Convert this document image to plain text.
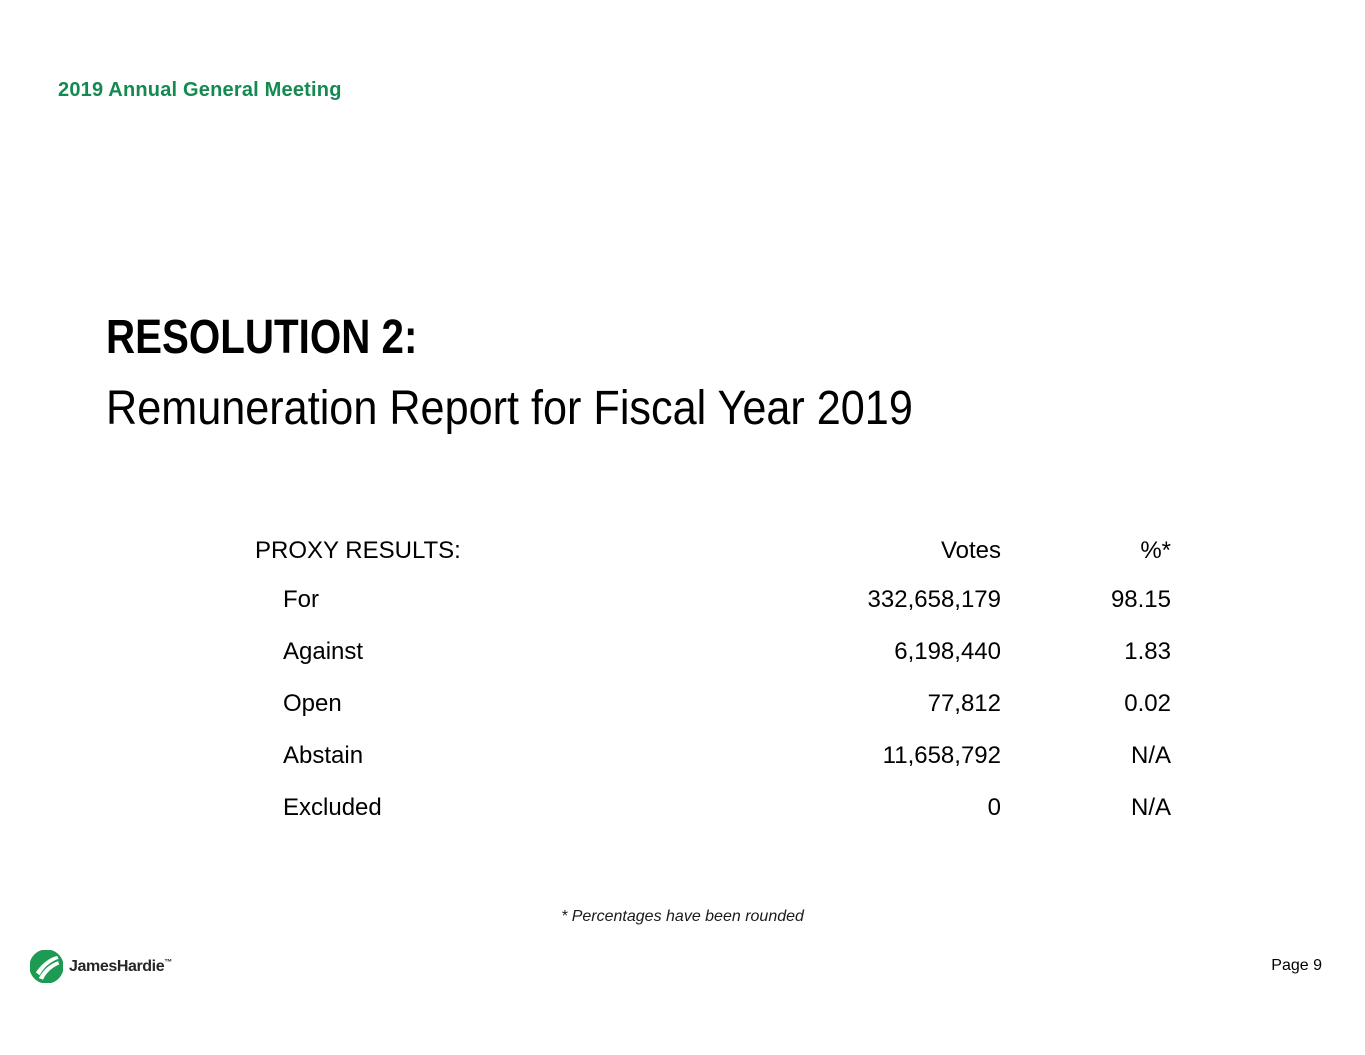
2019 Annual General Meeting
RESOLUTION 2:
Remuneration Report for Fiscal Year 2019
PROXY RESULTS:	Votes	%*
For	332,658,179	98.15
Against	6,198,440	1.83
Open	77,812	0.02
Abstain	11,658,792	N/A
Excluded	0	N/A
* Percentages have been rounded
JamesHardie™	Page 9
